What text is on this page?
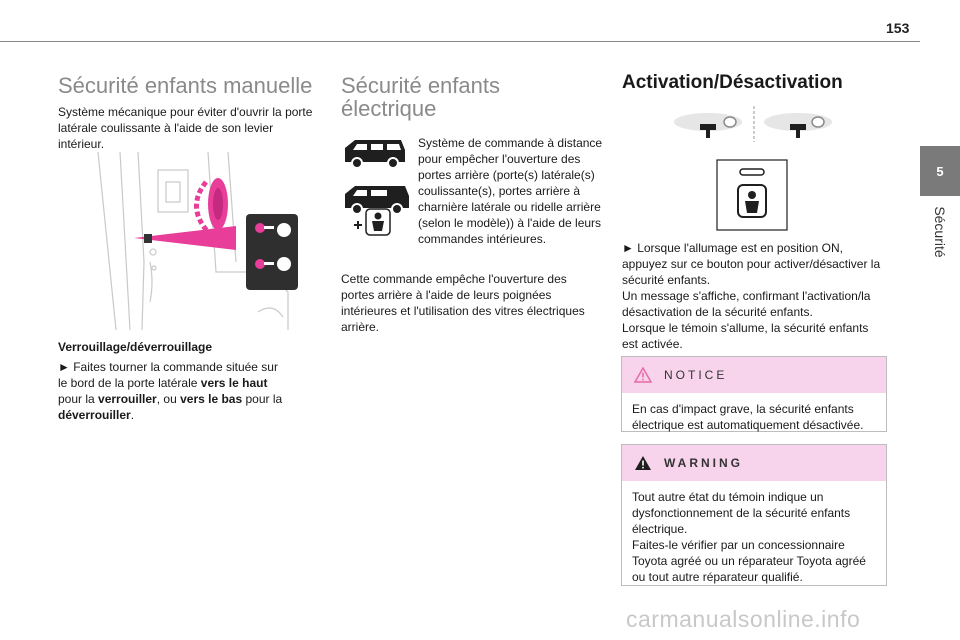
153
5
Sécurité
Sécurité enfants manuelle

Système mécanique pour éviter d'ouvrir la porte latérale coulissante à l'aide de son levier intérieur.

Verrouillage/déverrouillage

► Faites tourner la commande située sur le bord de la porte latérale vers le haut pour la verrouiller, ou vers le bas pour la déverrouiller.

Sécurité enfants électrique

Système de commande à distance pour empêcher l'ouverture des portes arrière (porte(s) latérale(s) coulissante(s), portes arrière à charnière latérale ou ridelle arrière (selon le modèle)) à l'aide de leurs commandes intérieures.

Cette commande empêche l'ouverture des portes arrière à l'aide de leurs poignées intérieures et l'utilisation des vitres électriques arrière.

Activation/Désactivation

► Lorsque l'allumage est en position ON, appuyez sur ce bouton pour activer/désactiver la sécurité enfants.
Un message s'affiche, confirmant l'activation/la désactivation de la sécurité enfants.
Lorsque le témoin s'allume, la sécurité enfants est activée.

NOTICE
En cas d'impact grave, la sécurité enfants électrique est automatiquement désactivée.
WARNING
Tout autre état du témoin indique un dysfonctionnement de la sécurité enfants électrique.
Faites-le vérifier par un concessionnaire Toyota agréé ou un réparateur Toyota agréé ou tout autre réparateur qualifié.
carmanualsonline.info
